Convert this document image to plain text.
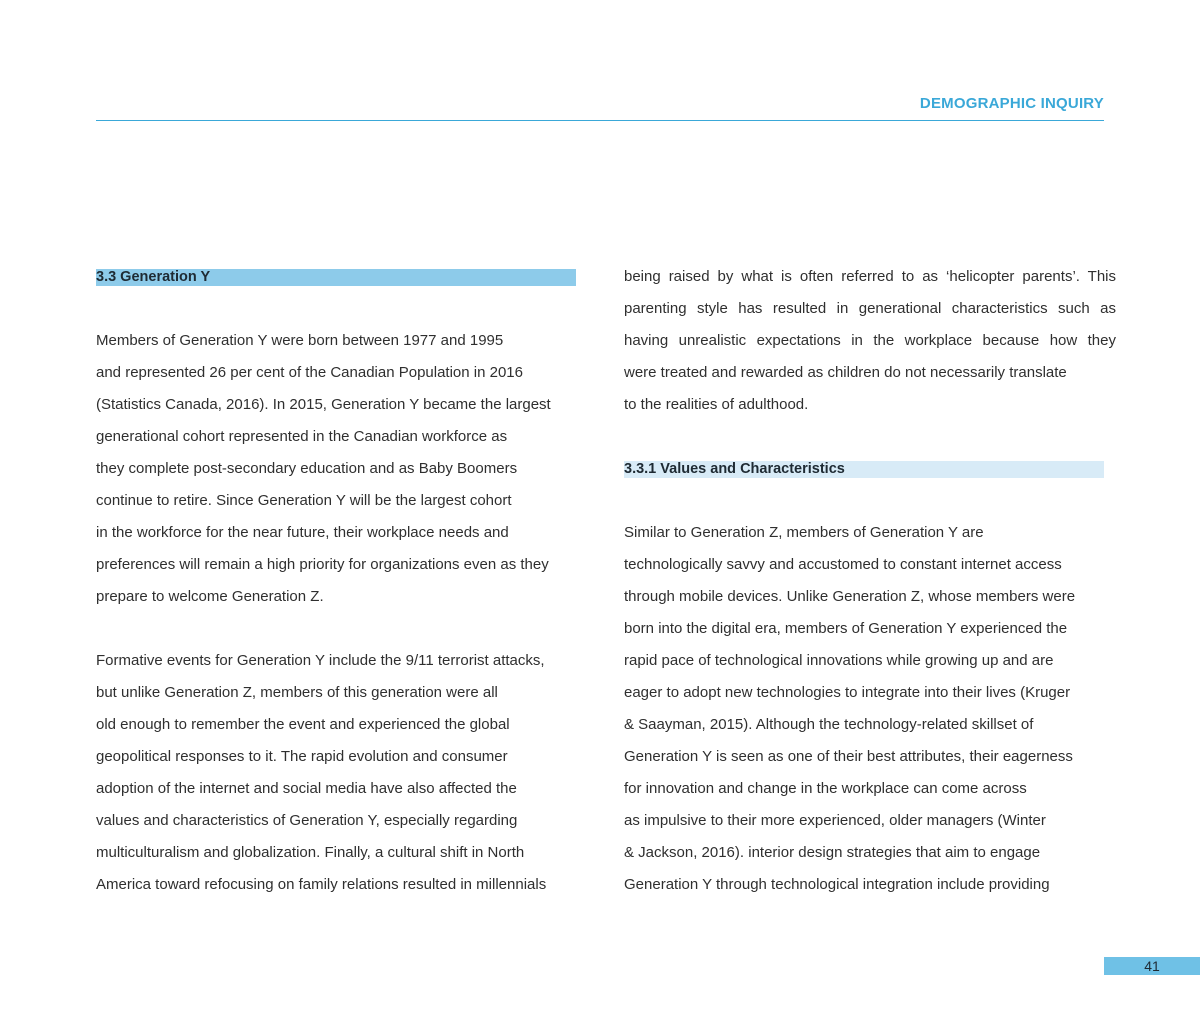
DEMOGRAPHIC INQUIRY
3.3 Generation Y

Members of Generation Y were born between 1977 and 1995
and represented 26 per cent of the Canadian Population in 2016
(Statistics Canada, 2016). In 2015, Generation Y became the largest
generational cohort represented in the Canadian workforce as
they complete post-secondary education and as Baby Boomers
continue to retire. Since Generation Y will be the largest cohort
in the workforce for the near future, their workplace needs and
preferences will remain a high priority for organizations even as they
prepare to welcome Generation Z.

Formative events for Generation Y include the 9/11 terrorist attacks,
but unlike Generation Z, members of this generation were all
old enough to remember the event and experienced the global
geopolitical responses to it. The rapid evolution and consumer
adoption of the internet and social media have also affected the
values and characteristics of Generation Y, especially regarding
multiculturalism and globalization. Finally, a cultural shift in North
America toward refocusing on family relations resulted in millennials

being raised by what is often referred to as ‘helicopter parents’. This
parenting style has resulted in generational characteristics such as
having unrealistic expectations in the workplace because how they
were treated and rewarded as children do not necessarily translate
to the realities of adulthood.

3.3.1 Values and Characteristics

Similar to Generation Z, members of Generation Y are
technologically savvy and accustomed to constant internet access
through mobile devices. Unlike Generation Z, whose members were
born into the digital era, members of Generation Y experienced the
rapid pace of technological innovations while growing up and are
eager to adopt new technologies to integrate into their lives (Kruger
& Saayman, 2015). Although the technology-related skillset of
Generation Y is seen as one of their best attributes, their eagerness
for innovation and change in the workplace can come across
as impulsive to their more experienced, older managers (Winter
& Jackson, 2016). interior design strategies that aim to engage
Generation Y through technological integration include providing

41
